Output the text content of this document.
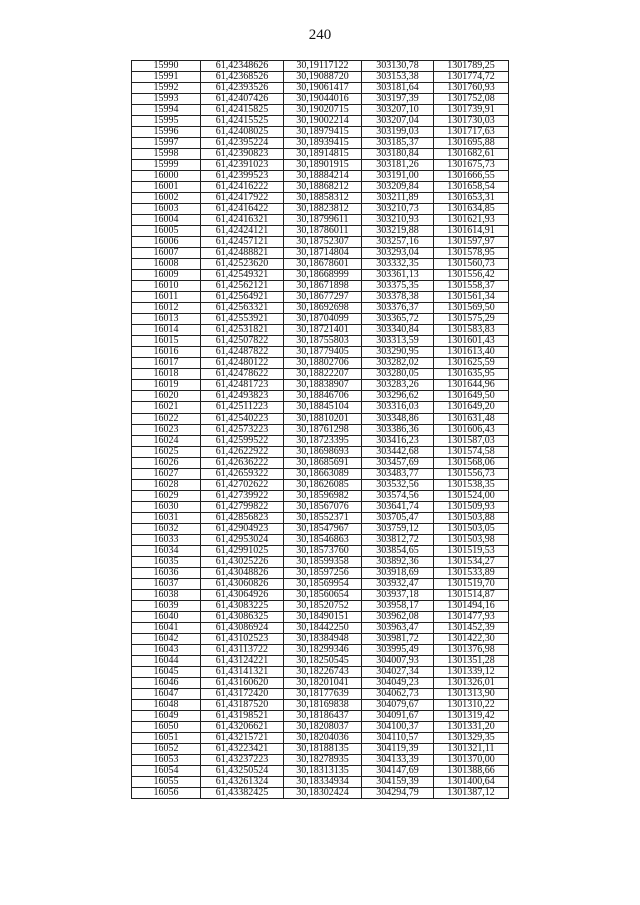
240
15990	61,42348626	30,19117122	303130,78	1301789,25
15991	61,42368526	30,19088720	303153,38	1301774,72
15992	61,42393526	30,19061417	303181,64	1301760,93
15993	61,42407426	30,19044016	303197,39	1301752,08
15994	61,42415825	30,19020715	303207,10	1301739,91
15995	61,42415525	30,19002214	303207,04	1301730,03
15996	61,42408025	30,18979415	303199,03	1301717,63
15997	61,42395224	30,18939415	303185,37	1301695,88
15998	61,42390823	30,18914815	303180,84	1301682,61
15999	61,42391023	30,18901915	303181,26	1301675,73
16000	61,42399523	30,18884214	303191,00	1301666,55
16001	61,42416222	30,18868212	303209,84	1301658,54
16002	61,42417922	30,18858312	303211,89	1301653,31
16003	61,42416422	30,18823812	303210,73	1301634,85
16004	61,42416321	30,18799611	303210,93	1301621,93
16005	61,42424121	30,18786011	303219,88	1301614,91
16006	61,42457121	30,18752307	303257,16	1301597,97
16007	61,42488821	30,18714804	303293,04	1301578,95
16008	61,42523620	30,18678601	303332,35	1301560,73
16009	61,42549321	30,18668999	303361,13	1301556,42
16010	61,42562121	30,18671898	303375,35	1301558,37
16011	61,42564921	30,18677297	303378,38	1301561,34
16012	61,42563321	30,18692698	303376,37	1301569,50
16013	61,42553921	30,18704099	303365,72	1301575,29
16014	61,42531821	30,18721401	303340,84	1301583,83
16015	61,42507822	30,18755803	303313,59	1301601,43
16016	61,42487822	30,18779405	303290,95	1301613,40
16017	61,42480122	30,18802706	303282,02	1301625,59
16018	61,42478622	30,18822207	303280,05	1301635,95
16019	61,42481723	30,18838907	303283,26	1301644,96
16020	61,42493823	30,18846706	303296,62	1301649,50
16021	61,42511223	30,18845104	303316,03	1301649,20
16022	61,42540223	30,18810201	303348,86	1301631,48
16023	61,42573223	30,18761298	303386,36	1301606,43
16024	61,42599522	30,18723395	303416,23	1301587,03
16025	61,42622922	30,18698693	303442,68	1301574,58
16026	61,42636222	30,18685691	303457,69	1301568,06
16027	61,42659322	30,18663089	303483,77	1301556,73
16028	61,42702622	30,18626085	303532,56	1301538,35
16029	61,42739922	30,18596982	303574,56	1301524,00
16030	61,42799822	30,18567076	303641,74	1301509,93
16031	61,42856823	30,18552371	303705,47	1301503,88
16032	61,42904923	30,18547967	303759,12	1301503,05
16033	61,42953024	30,18546863	303812,72	1301503,98
16034	61,42991025	30,18573760	303854,65	1301519,53
16035	61,43025226	30,18599358	303892,36	1301534,27
16036	61,43048826	30,18597256	303918,69	1301533,89
16037	61,43060826	30,18569954	303932,47	1301519,70
16038	61,43064926	30,18560654	303937,18	1301514,87
16039	61,43083225	30,18520752	303958,17	1301494,16
16040	61,43086325	30,18490151	303962,08	1301477,93
16041	61,43086924	30,18442250	303963,47	1301452,39
16042	61,43102523	30,18384948	303981,72	1301422,30
16043	61,43113722	30,18299346	303995,49	1301376,98
16044	61,43124221	30,18250545	304007,93	1301351,28
16045	61,43141321	30,18226743	304027,34	1301339,12
16046	61,43160620	30,18201041	304049,23	1301326,01
16047	61,43172420	30,18177639	304062,73	1301313,90
16048	61,43187520	30,18169838	304079,67	1301310,22
16049	61,43198521	30,18186437	304091,67	1301319,42
16050	61,43206621	30,18208037	304100,37	1301331,20
16051	61,43215721	30,18204036	304110,57	1301329,35
16052	61,43223421	30,18188135	304119,39	1301321,11
16053	61,43237223	30,18278935	304133,39	1301370,00
16054	61,43250524	30,18313135	304147,69	1301388,66
16055	61,43261324	30,18334934	304159,39	1301400,64
16056	61,43382425	30,18302424	304294,79	1301387,12
